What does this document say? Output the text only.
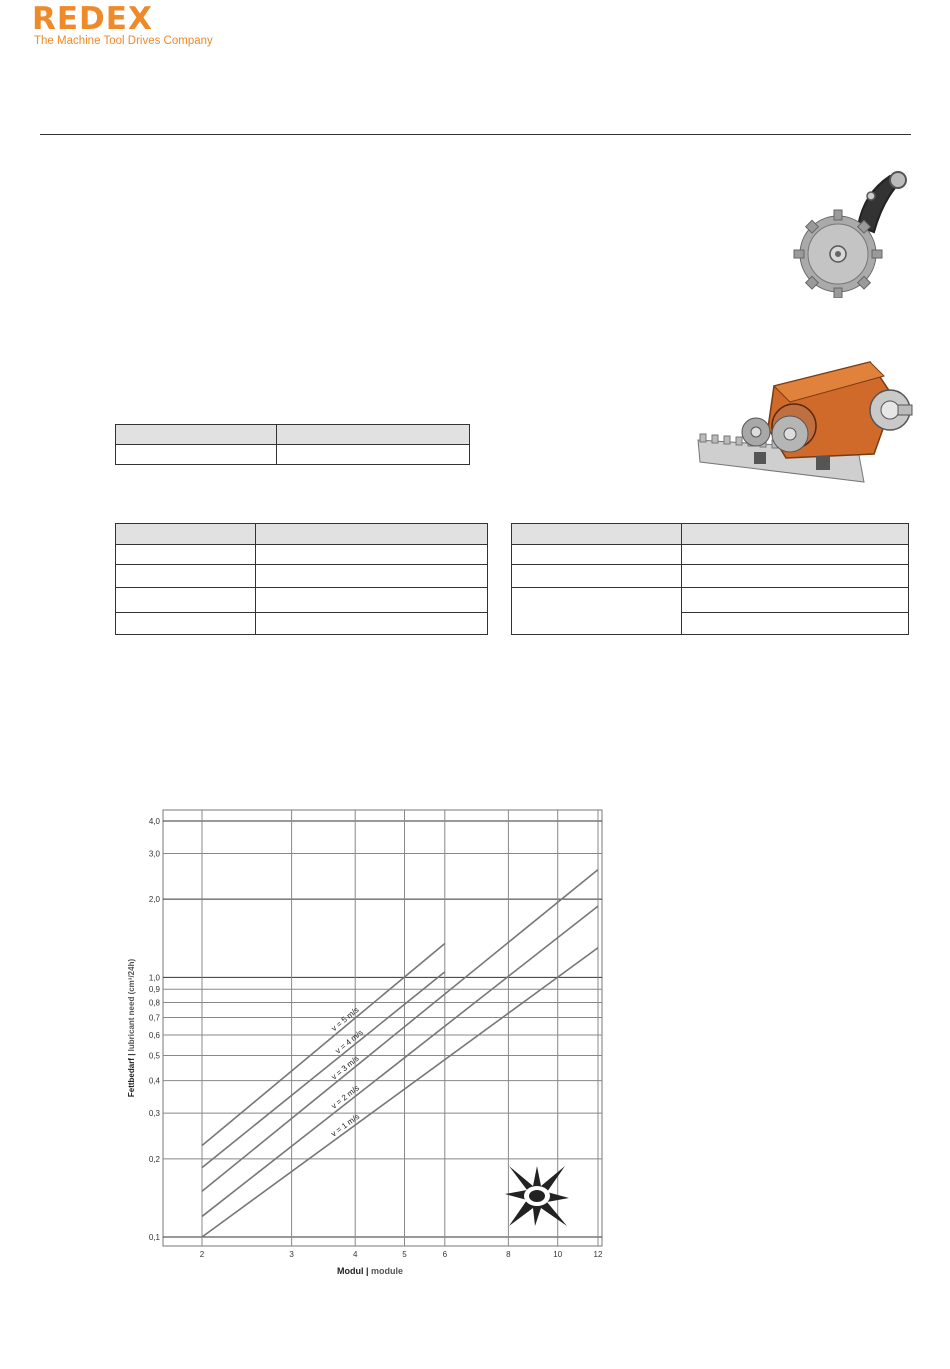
REDEX
The Machine Tool Drives Company

v = 5 m/s
v = 4 m/s
v = 3 m/s
v = 2 m/s
v = 1 m/s
0,1
0,2
0,3
0,4
0,5
0,6
0,7
0,8
0,9
1,0
2,0
3,0
4,0
2	3	4	5	6	8	10	12
Fettbedarf | lubricant need (cm³/24h)
Modul | module
